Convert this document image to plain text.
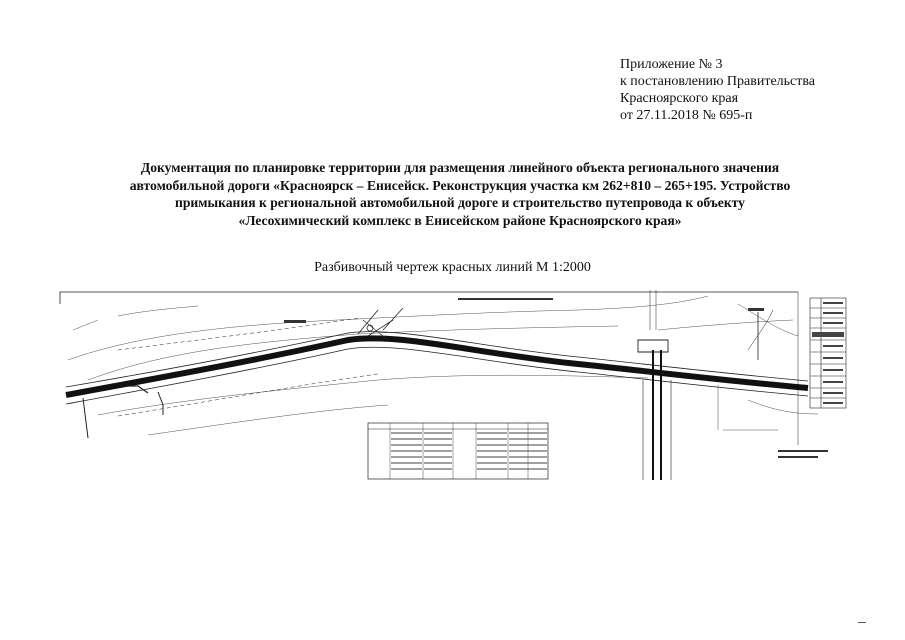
Приложение № 3
к постановлению Правительства
Красноярского края
от 27.11.2018 № 695-п
Документация по планировке территории для размещения линейного объекта регионального значения
автомобильной дороги «Красноярск – Енисейск. Реконструкция участка км 262+810 – 265+195. Устройство
примыкания к региональной автомобильной дороге и строительство путепровода к объекту
«Лесохимический комплекс в Енисейском районе Красноярского края»
Разбивочный чертеж красных линий М 1:2000
